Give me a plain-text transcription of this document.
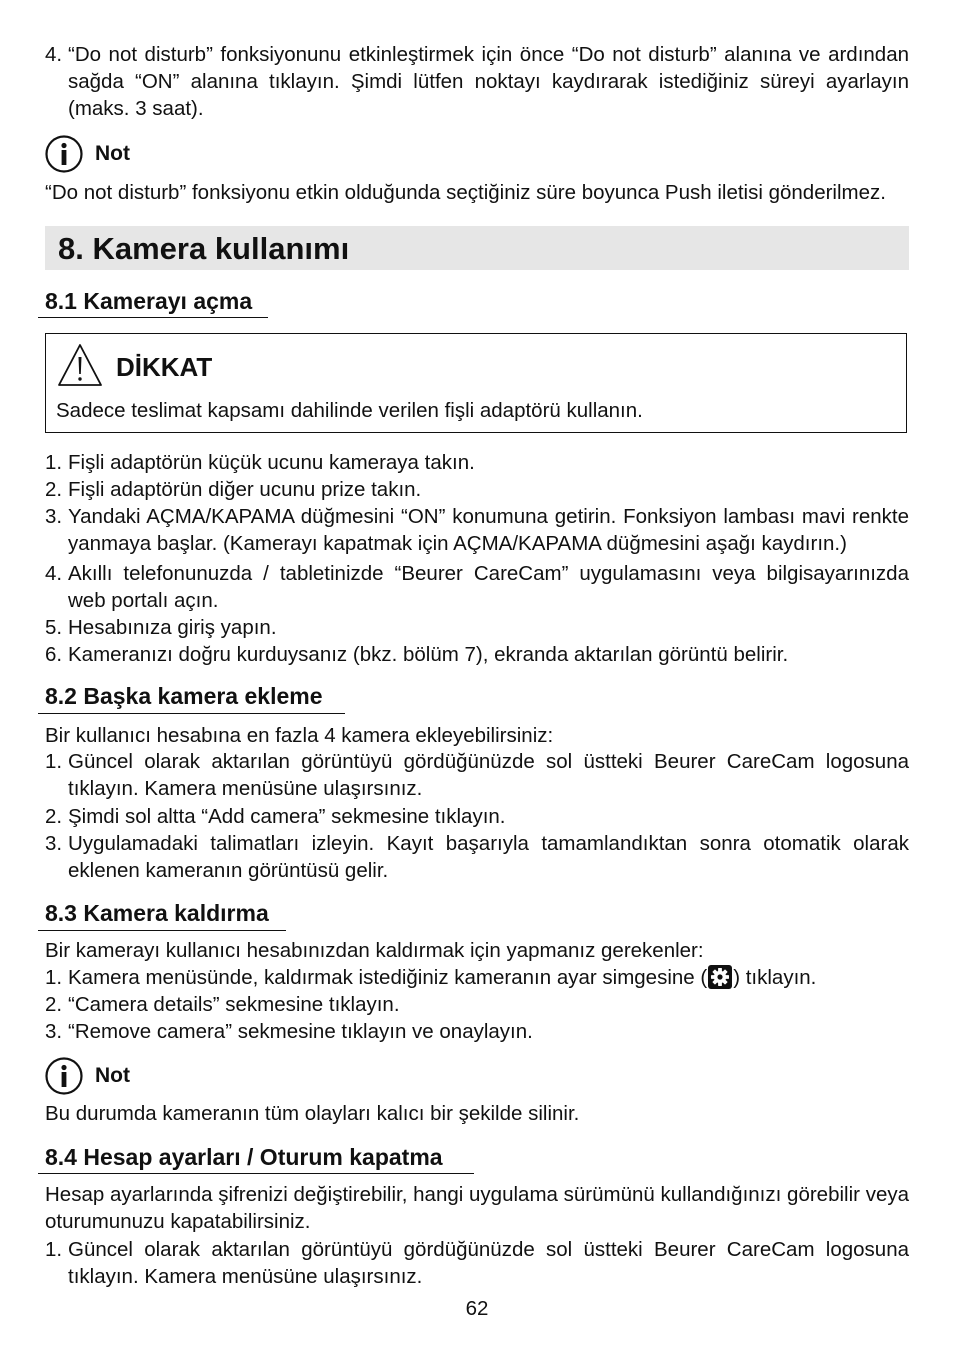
4. “Do not disturb” fonksiyonunu etkinleştirmek için önce “Do not disturb” alanına ve ardından sağda “ON” alanına tıklayın. Şimdi lütfen noktayı kaydırarak istediğiniz süreyi ayarlayın (maks. 3 saat).
Not

“Do not disturb” fonksiyonu etkin olduğunda seçtiğiniz süre boyunca Push iletisi gönderilmez.

8. Kamera kullanımı
8.1 Kamerayı açma
DİKKAT
Sadece teslimat kapsamı dahilinde verilen fişli adaptörü kullanın.
1. Fişli adaptörün küçük ucunu kameraya takın.
2. Fişli adaptörün diğer ucunu prize takın.
3. Yandaki AÇMA/KAPAMA düğmesini “ON” konumuna getirin. Fonksiyon lambası mavi renkte yanmaya başlar. (Kamerayı kapatmak için AÇMA/KAPAMA düğmesini aşağı kaydırın.)
4. Akıllı telefonunuzda / tabletinizde “Beurer CareCam” uygulamasını veya bilgisayarınızda web portalı açın.
5. Hesabınıza giriş yapın.
6. Kameranızı doğru kurduysanız (bkz. bölüm 7), ekranda aktarılan görüntü belirir.
8.2 Başka kamera ekleme

Bir kullanıcı hesabına en fazla 4 kamera ekleyebilirsiniz:

1. Güncel olarak aktarılan görüntüyü gördüğünüzde sol üstteki Beurer CareCam logosuna tıklayın. Kamera menüsüne ulaşırsınız.
2. Şimdi sol altta “Add camera” sekmesine tıklayın.
3. Uygulamadaki talimatları izleyin. Kayıt başarıyla tamamlandıktan sonra otomatik olarak eklenen kameranın görüntüsü gelir.
8.3 Kamera kaldırma

Bir kamerayı kullanıcı hesabınızdan kaldırmak için yapmanız gerekenler:

1. Kamera menüsünde, kaldırmak istediğiniz kameranın ayar simgesine ( ) tıklayın.
2. “Camera details” sekmesine tıklayın.
3. “Remove camera” sekmesine tıklayın ve onaylayın.
Not

Bu durumda kameranın tüm olayları kalıcı bir şekilde silinir.

8.4 Hesap ayarları / Oturum kapatma
Hesap ayarlarında şifrenizi değiştirebilir, hangi uygulama sürümünü kullandığınızı görebilir veya oturumunuzu kapatabilirsiniz.
1. Güncel olarak aktarılan görüntüyü gördüğünüzde sol üstteki Beurer CareCam logosuna tıklayın. Kamera menüsüne ulaşırsınız.
62
